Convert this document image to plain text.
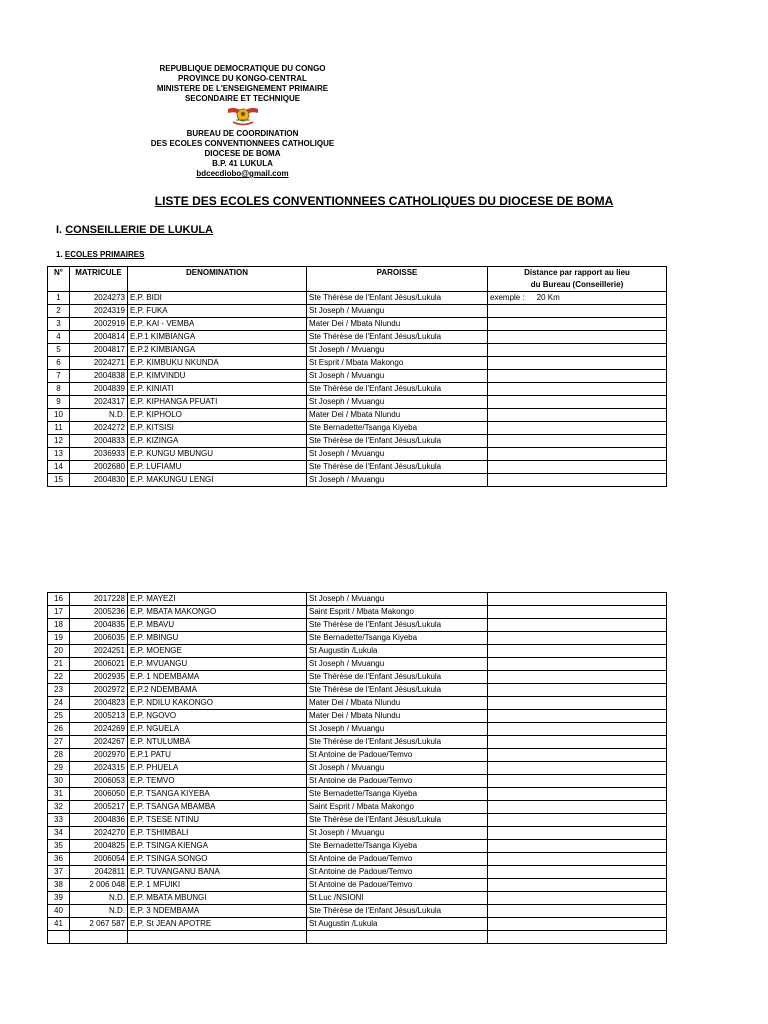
REPUBLIQUE DEMOCRATIQUE DU CONGO
PROVINCE DU KONGO-CENTRAL
MINISTERE DE L'ENSEIGNEMENT PRIMAIRE
SECONDAIRE ET TECHNIQUE
BUREAU DE COORDINATION
DES ECOLES CONVENTIONNEES CATHOLIQUE
DIOCESE DE BOMA
B.P. 41 LUKULA
bdcecdiobo@gmail.com
LISTE DES ECOLES CONVENTIONNEES CATHOLIQUES DU DIOCESE DE BOMA
I. CONSEILLERIE DE LUKULA
1. ECOLES PRIMAIRES
N°	MATRICULE	DENOMINATION	PAROISSE	Distance par rapport au lieu
du Bureau (Conseillerie)

1	2024273	E.P. BIDI	Ste Thérèse de l'Enfant Jésus/Lukula	exemple : 20 Km
2	2024319	E.P. FUKA	St Joseph / Mvuangu	
3	2002919	E.P. KAI - VEMBA	Mater Dei / Mbata Nlundu	
4	2004814	E.P.1 KIMBIANGA	Ste Thérèse de l'Enfant Jésus/Lukula	
5	2004817	E.P.2 KIMBIANGA	St Joseph / Mvuangu	
6	2024271	E.P. KIMBUKU NKUNDA	St Esprit / Mbata Makongo	
7	2004838	E.P. KIMVINDU	St Joseph / Mvuangu	
8	2004839	E.P. KINIATI	Ste Thérèse de l'Enfant Jésus/Lukula	
9	2024317	E.P. KIPHANGA PFUATI	St Joseph / Mvuangu	
10	N.D.	E.P. KIPHOLO	Mater Dei / Mbata Nlundu	
11	2024272	E.P. KITSISI	Ste Bernadette/Tsanga Kiyeba	
12	2004833	E.P. KIZINGA	Ste Thérèse de l'Enfant Jésus/Lukula	
13	2036933	E.P. KUNGU MBUNGU	St Joseph / Mvuangu	
14	2002680	E.P. LUFIAMU	Ste Thérèse de l'Enfant Jésus/Lukula	
15	2004830	E.P. MAKUNGU LENGI	St Joseph / Mvuangu	
16	2017228	E.P. MAYEZI	St Joseph / Mvuangu	
17	2005236	E.P. MBATA MAKONGO	Saint Esprit / Mbata Makongo	
18	2004835	E.P. MBAVU	Ste Thérèse de l'Enfant Jésus/Lukula	
19	2006035	E.P. MBINGU	Ste Bernadette/Tsanga Kiyeba	
20	2024251	E.P. MOENGE	St Augustin /Lukula	
21	2006021	E.P. MVUANGU	St Joseph / Mvuangu	
22	2002935	E.P. 1 NDEMBAMA	Ste Thérèse de l'Enfant Jésus/Lukula	
23	2002972	E.P.2 NDEMBAMA	Ste Thérèse de l'Enfant Jésus/Lukula	
24	2004823	E.P. NDILU KAKONGO	Mater Dei / Mbata Nlundu	
25	2005213	E.P. NGOVO	Mater Dei / Mbata Nlundu	
26	2024269	E.P. NGUELA	St Joseph / Mvuangu	
27	2024267	E.P. NTULUMBA	Ste Thérèse de l'Enfant Jésus/Lukula	
28	2002970	E.P.1 PATU	St Antoine de Padoue/Temvo	
29	2024315	E.P. PHUELA	St Joseph / Mvuangu	
30	2006053	E.P. TEMVO	St Antoine de Padoue/Temvo	
31	2006050	E.P. TSANGA KIYEBA	Ste Bernadette/Tsanga Kiyeba	
32	2005217	E.P. TSANGA MBAMBA	Saint Esprit / Mbata Makongo	
33	2004836	E.P. TSESE NTINU	Ste Thérèse de l'Enfant Jésus/Lukula	
34	2024270	E.P. TSHIMBALI	St Joseph / Mvuangu	
35	2004825	E.P. TSINGA KIENGA	Ste Bernadette/Tsanga Kiyeba	
36	2006054	E.P. TSINGA SONGO	St Antoine de Padoue/Temvo	
37	2042811	E.P. TUVANGANU BANA	St Antoine de Padoue/Temvo	
38	2 006 048	E.P. 1 MFUIKI	St Antoine de Padoue/Temvo	
39	N.D.	E.P. MBATA MBUNGI	St Luc /NSIONI	
40	N.D.	E.P. 3 NDEMBAMA	Ste Thérèse de l'Enfant Jésus/Lukula	
41	2 067 587	E.P. St JEAN APOTRE	St Augustin /Lukula	
